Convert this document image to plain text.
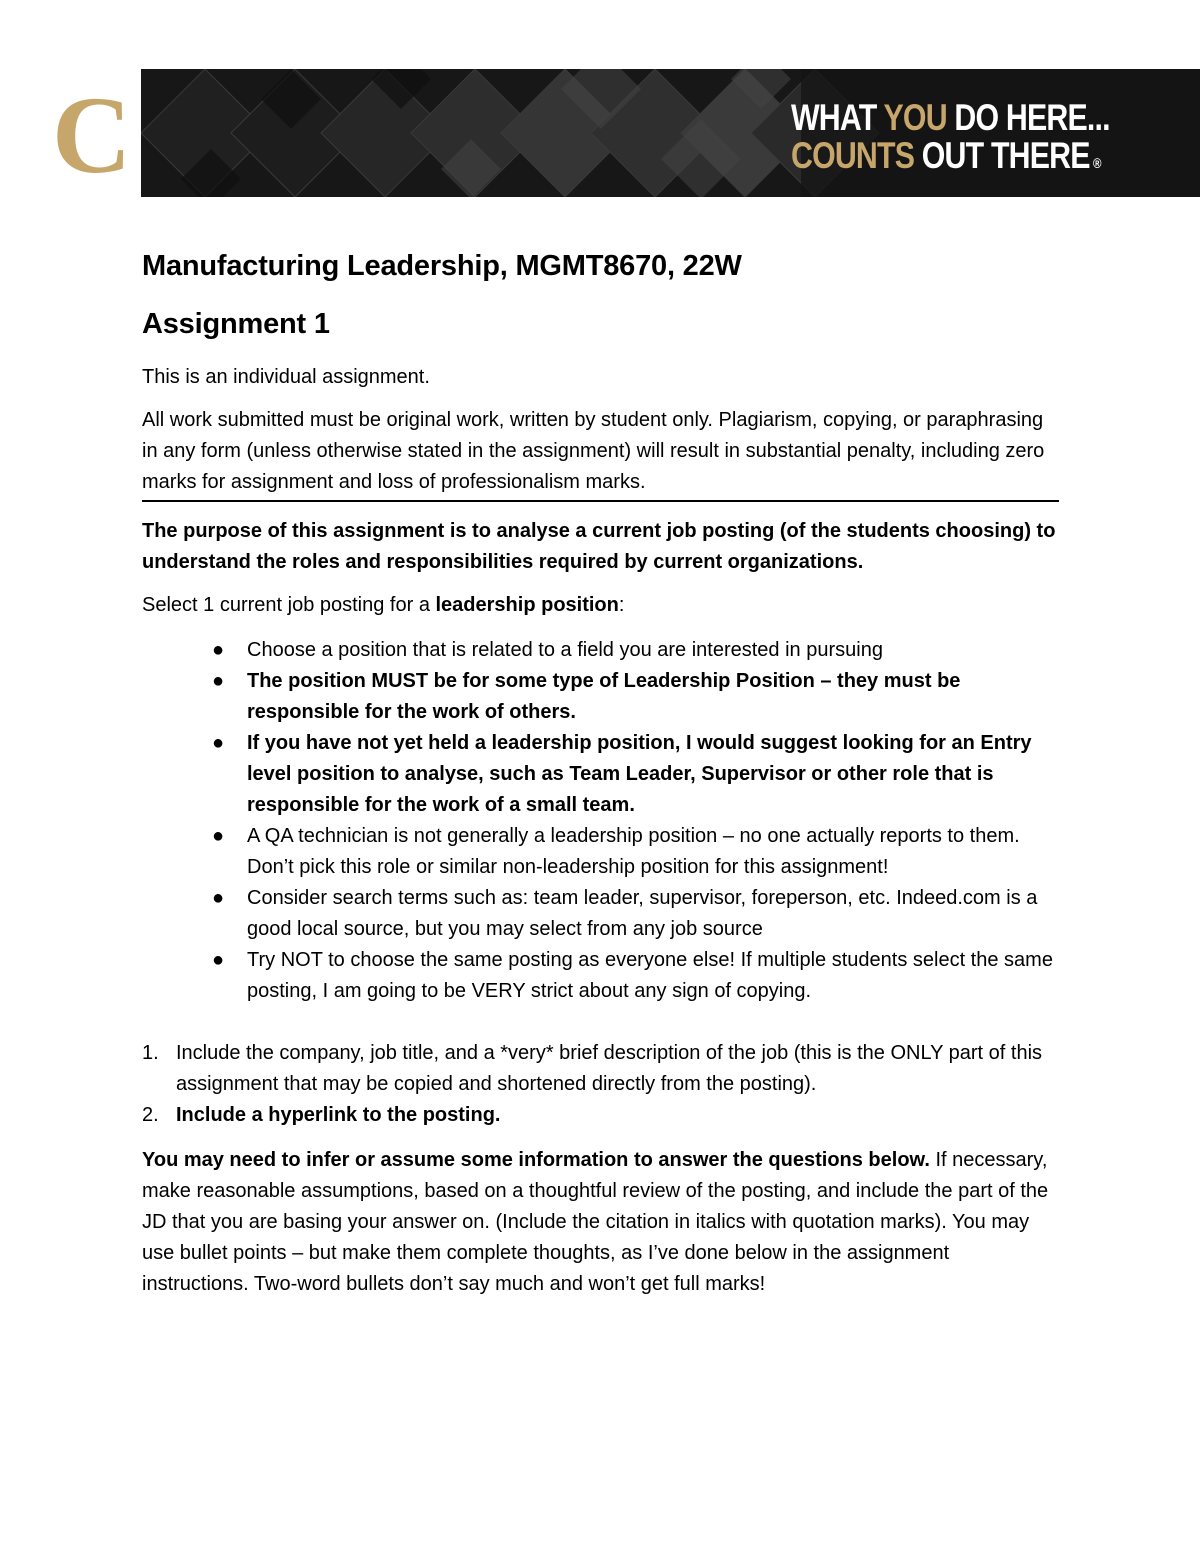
C	WHAT YOU DO HERE...
COUNTS OUT THERE ®
Manufacturing Leadership, MGMT8670, 22W
Assignment 1

This is an individual assignment.

All work submitted must be original work, written by student only. Plagiarism, copying, or paraphrasing in any form (unless otherwise stated in the assignment) will result in substantial penalty, including zero marks for assignment and loss of professionalism marks.

The purpose of this assignment is to analyse a current job posting (of the students choosing) to understand the roles and responsibilities required by current organizations.

Select 1 current job posting for a leadership position:

● Choose a position that is related to a field you are interested in pursuing
● The position MUST be for some type of Leadership Position – they must be responsible for the work of others.
● If you have not yet held a leadership position, I would suggest looking for an Entry level position to analyse, such as Team Leader, Supervisor or other role that is responsible for the work of a small team.
● A QA technician is not generally a leadership position – no one actually reports to them. Don’t pick this role or similar non-leadership position for this assignment!
● Consider search terms such as: team leader, supervisor, foreperson, etc. Indeed.com is a good local source, but you may select from any job source
● Try NOT to choose the same posting as everyone else! If multiple students select the same posting, I am going to be VERY strict about any sign of copying.
1. Include the company, job title, and a *very* brief description of the job (this is the ONLY part of this assignment that may be copied and shortened directly from the posting).
2. Include a hyperlink to the posting.

You may need to infer or assume some information to answer the questions below. If necessary, make reasonable assumptions, based on a thoughtful review of the posting, and include the part of the JD that you are basing your answer on. (Include the citation in italics with quotation marks). You may use bullet points – but make them complete thoughts, as I’ve done below in the assignment instructions. Two-word bullets don’t say much and won’t get full marks!
